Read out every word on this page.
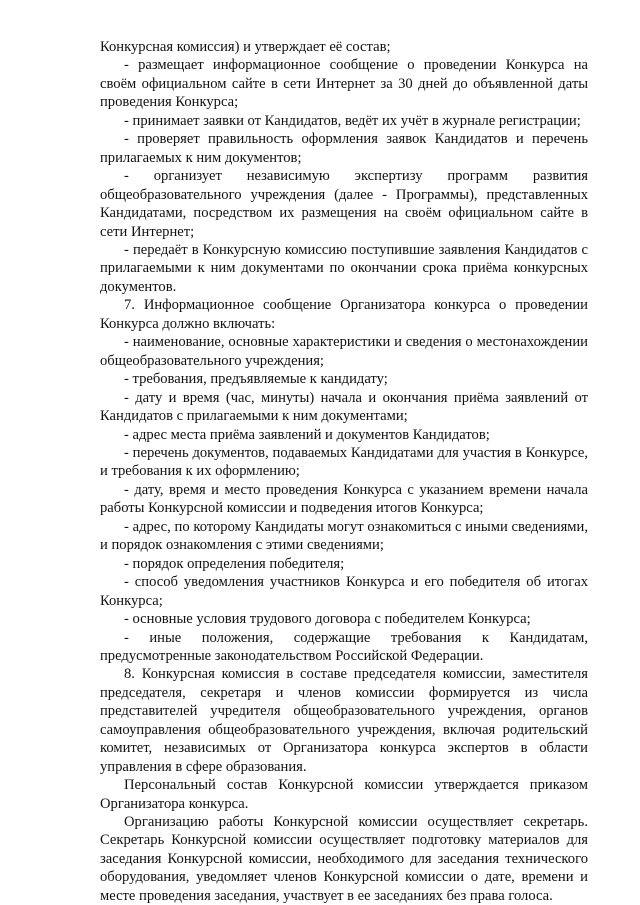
Конкурсная комиссия) и утверждает её состав;

- размещает информационное сообщение о проведении Конкурса на своём официальном сайте в сети Интернет за 30 дней до объявленной даты проведения Конкурса;

- принимает заявки от Кандидатов, ведёт их учёт в журнале регистрации;

- проверяет правильность оформления заявок Кандидатов и перечень прилагаемых к ним документов;

- организует независимую экспертизу программ развития общеобразовательного учреждения (далее - Программы), представленных Кандидатами, посредством их размещения на своём официальном сайте в сети Интернет;

- передаёт в Конкурсную комиссию поступившие заявления Кандидатов с прилагаемыми к ним документами по окончании срока приёма конкурсных документов.

7. Информационное сообщение Организатора конкурса о проведении Конкурса должно включать:

- наименование, основные характеристики и сведения о местонахождении общеобразовательного учреждения;

- требования, предъявляемые к кандидату;

- дату и время (час, минуты) начала и окончания приёма заявлений от Кандидатов с прилагаемыми к ним документами;

- адрес места приёма заявлений и документов Кандидатов;

- перечень документов, подаваемых Кандидатами для участия в Конкурсе, и требования к их оформлению;

- дату, время и место проведения Конкурса с указанием времени начала работы Конкурсной комиссии и подведения итогов Конкурса;

- адрес, по которому Кандидаты могут ознакомиться с иными сведениями, и порядок ознакомления с этими сведениями;

- порядок определения победителя;

- способ уведомления участников Конкурса и его победителя об итогах Конкурса;

- основные условия трудового договора с победителем Конкурса;

- иные положения, содержащие требования к Кандидатам, предусмотренные законодательством Российской Федерации.

8. Конкурсная комиссия в составе председателя комиссии, заместителя председателя, секретаря и членов комиссии формируется из числа представителей учредителя общеобразовательного учреждения, органов самоуправления общеобразовательного учреждения, включая родительский комитет, независимых от Организатора конкурса экспертов в области управления в сфере образования.

Персональный состав Конкурсной комиссии утверждается приказом Организатора конкурса.

Организацию работы Конкурсной комиссии осуществляет секретарь. Секретарь Конкурсной комиссии осуществляет подготовку материалов для заседания Конкурсной комиссии, необходимого для заседания технического оборудования, уведомляет членов Конкурсной комиссии о дате, времени и месте проведения заседания, участвует в ее заседаниях без права голоса.
